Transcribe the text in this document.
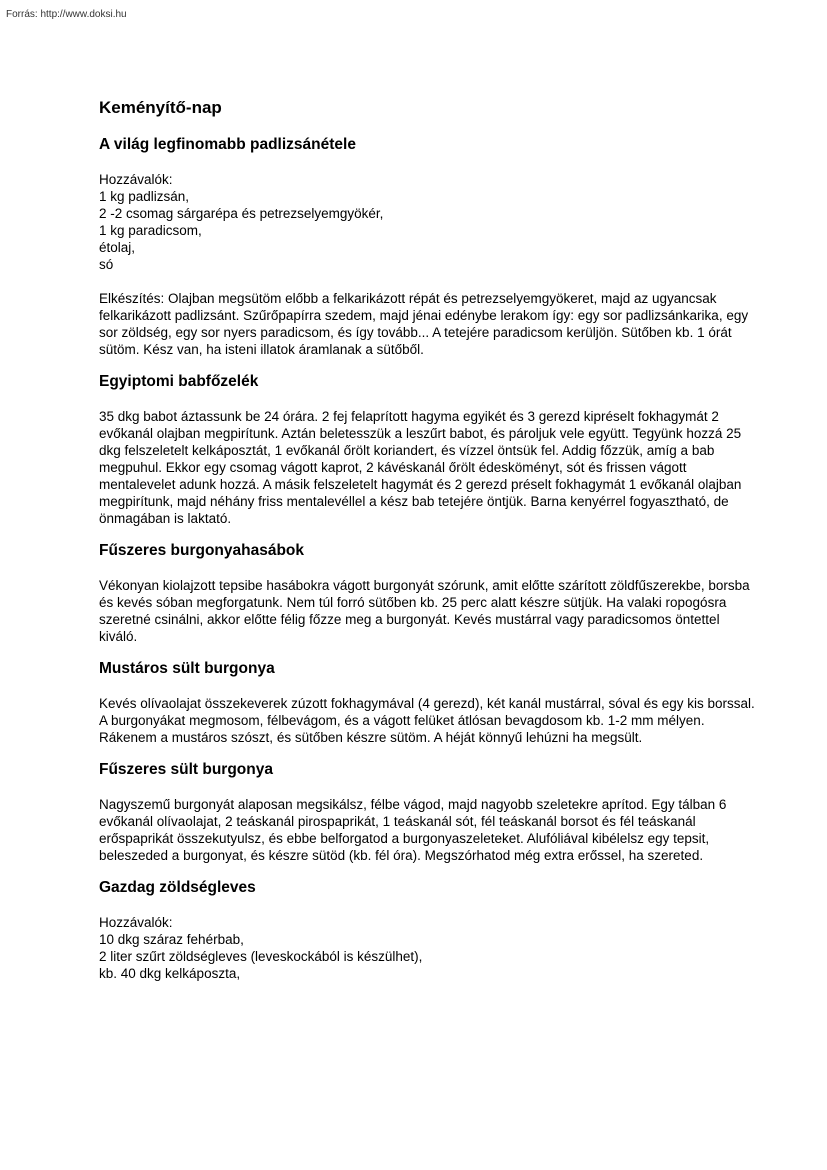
Forrás: http://www.doksi.hu
Keményítő-nap
A világ legfinomabb padlizsánétele
Hozzávalók:
1 kg padlizsán,
2 -2 csomag sárgarépa és petrezselyemgyökér,
1 kg paradicsom,
étolaj,
só

Elkészítés: Olajban megsütöm előbb a felkarikázott répát és petrezselyemgyökeret, majd az ugyancsak felkarikázott padlizsánt. Szűrőpapírra szedem, majd jénai edénybe lerakom így: egy sor padlizsánkarika, egy sor zöldség, egy sor nyers paradicsom, és így tovább... A tetejére paradicsom kerüljön. Sütőben kb. 1 órát sütöm. Kész van, ha isteni illatok áramlanak a sütőből.

Egyiptomi babfőzelék

35 dkg babot áztassunk be 24 órára. 2 fej felaprított hagyma egyikét és 3 gerezd kipréselt fokhagymát 2 evőkanál olajban megpirítunk. Aztán beletesszük a leszűrt babot, és pároljuk vele együtt. Tegyünk hozzá 25 dkg felszeletelt kelkáposztát, 1 evőkanál őrölt koriandert, és vízzel öntsük fel. Addig főzzük, amíg a bab megpuhul. Ekkor egy csomag vágott kaprot, 2 kávéskanál őrölt édesköményt, sót és frissen vágott mentalevelet adunk hozzá. A másik felszeletelt hagymát és 2 gerezd préselt fokhagymát 1 evőkanál olajban megpirítunk, majd néhány friss mentalevéllel a kész bab tetejére öntjük. Barna kenyérrel fogyasztható, de önmagában is laktató.

Fűszeres burgonyahasábok

Vékonyan kiolajzott tepsibe hasábokra vágott burgonyát szórunk, amit előtte szárított zöldfűszerekbe, borsba és kevés sóban megforgatunk. Nem túl forró sütőben kb. 25 perc alatt készre sütjük. Ha valaki ropogósra szeretné csinálni, akkor előtte félig főzze meg a burgonyát. Kevés mustárral vagy paradicsomos öntettel kiváló.

Mustáros sült burgonya

Kevés olívaolajat összekeverek zúzott fokhagymával (4 gerezd), két kanál mustárral, sóval és egy kis borssal. A burgonyákat megmosom, félbevágom, és a vágott felüket átlósan bevagdosom kb. 1-2 mm mélyen. Rákenem a mustáros szószt, és sütőben készre sütöm. A héját könnyű lehúzni ha megsült.

Fűszeres sült burgonya

Nagyszemű burgonyát alaposan megsikálsz, félbe vágod, majd nagyobb szeletekre aprítod. Egy tálban 6 evőkanál olívaolajat, 2 teáskanál pirospaprikát, 1 teáskanál sót, fél teáskanál borsot és fél teáskanál erőspaprikát összekutyulsz, és ebbe belforgatod a burgonyaszeleteket. Alufóliával kibélelsz egy tepsit, beleszeded a burgonyat, és készre sütöd (kb. fél óra). Megszórhatod még extra erőssel, ha szereted.

Gazdag zöldségleves
Hozzávalók:
10 dkg száraz fehérbab,
2 liter szűrt zöldségleves (leveskockából is készülhet),
kb. 40 dkg kelkáposzta,
